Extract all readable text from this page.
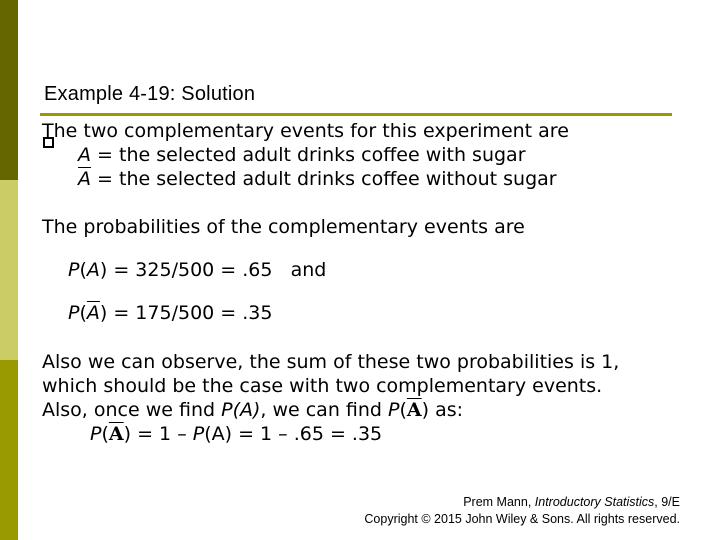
Example 4-19: Solution
The two complementary events for this experiment are
A = the selected adult drinks coffee with sugar
$\overline{A}$ = the selected adult drinks coffee without sugar
The probabilities of the complementary events are
P(A) = 325/500 = .65   and
$P(\overline{A}) = 175/500 = .35$
Also we can observe, the sum of these two probabilities is 1,
which should be the case with two complementary events.
Also, once we find P(A), we can find $P(\overline{A})$ as:
$P(\overline{A}) = 1 - P(A) = 1 - .65 = .35$
Prem Mann, Introductory Statistics, 9/E
Copyright © 2015 John Wiley & Sons. All rights reserved.
